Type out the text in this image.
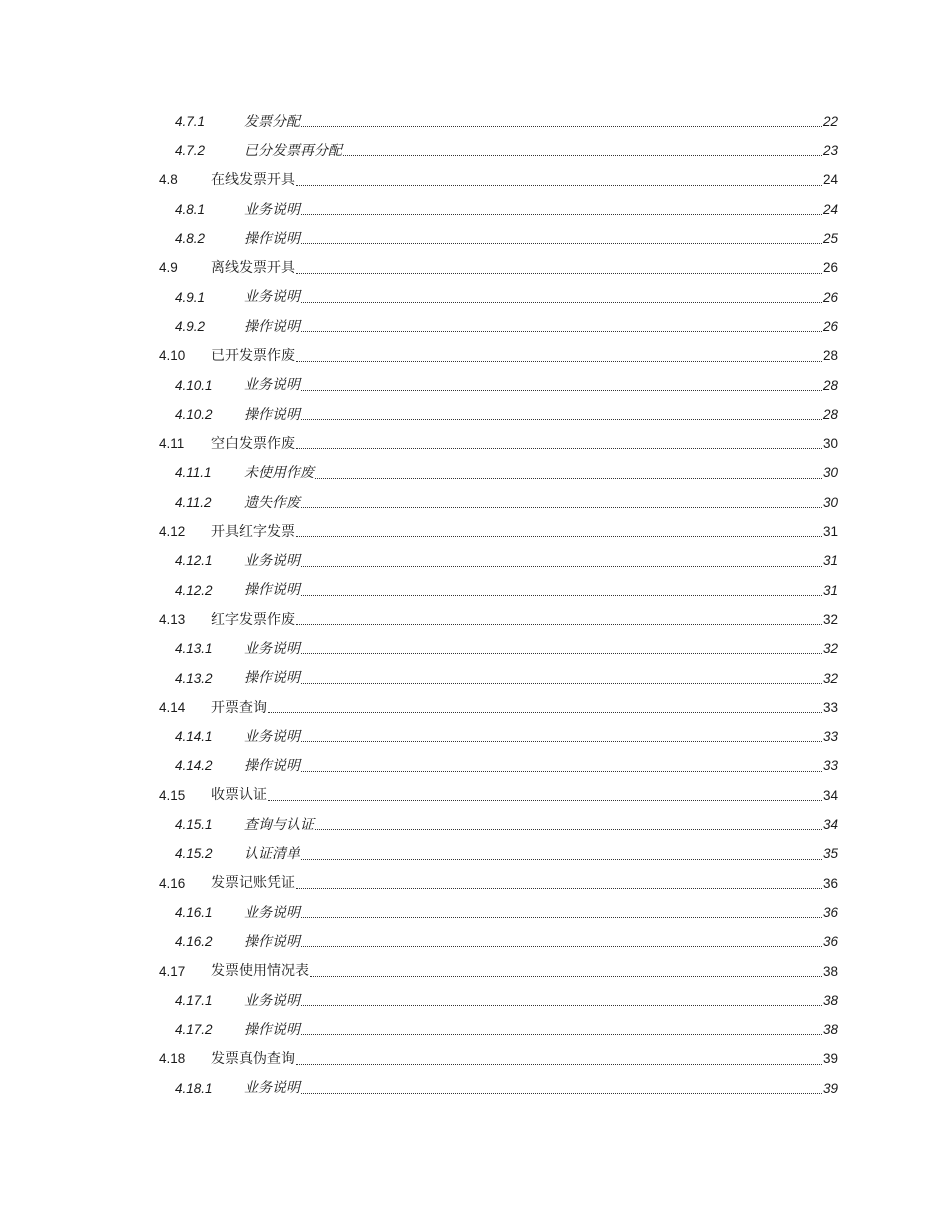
4.7.1	发票分配	22
4.7.2	已分发票再分配	23
4.8	在线发票开具	24
4.8.1	业务说明	24
4.8.2	操作说明	25
4.9	离线发票开具	26
4.9.1	业务说明	26
4.9.2	操作说明	26
4.10	已开发票作废	28
4.10.1	业务说明	28
4.10.2	操作说明	28
4.11	空白发票作废	30
4.11.1	未使用作废	30
4.11.2	遗失作废	30
4.12	开具红字发票	31
4.12.1	业务说明	31
4.12.2	操作说明	31
4.13	红字发票作废	32
4.13.1	业务说明	32
4.13.2	操作说明	32
4.14	开票查询	33
4.14.1	业务说明	33
4.14.2	操作说明	33
4.15	收票认证	34
4.15.1	查询与认证	34
4.15.2	认证清单	35
4.16	发票记账凭证	36
4.16.1	业务说明	36
4.16.2	操作说明	36
4.17	发票使用情况表	38
4.17.1	业务说明	38
4.17.2	操作说明	38
4.18	发票真伪查询	39
4.18.1	业务说明	39
